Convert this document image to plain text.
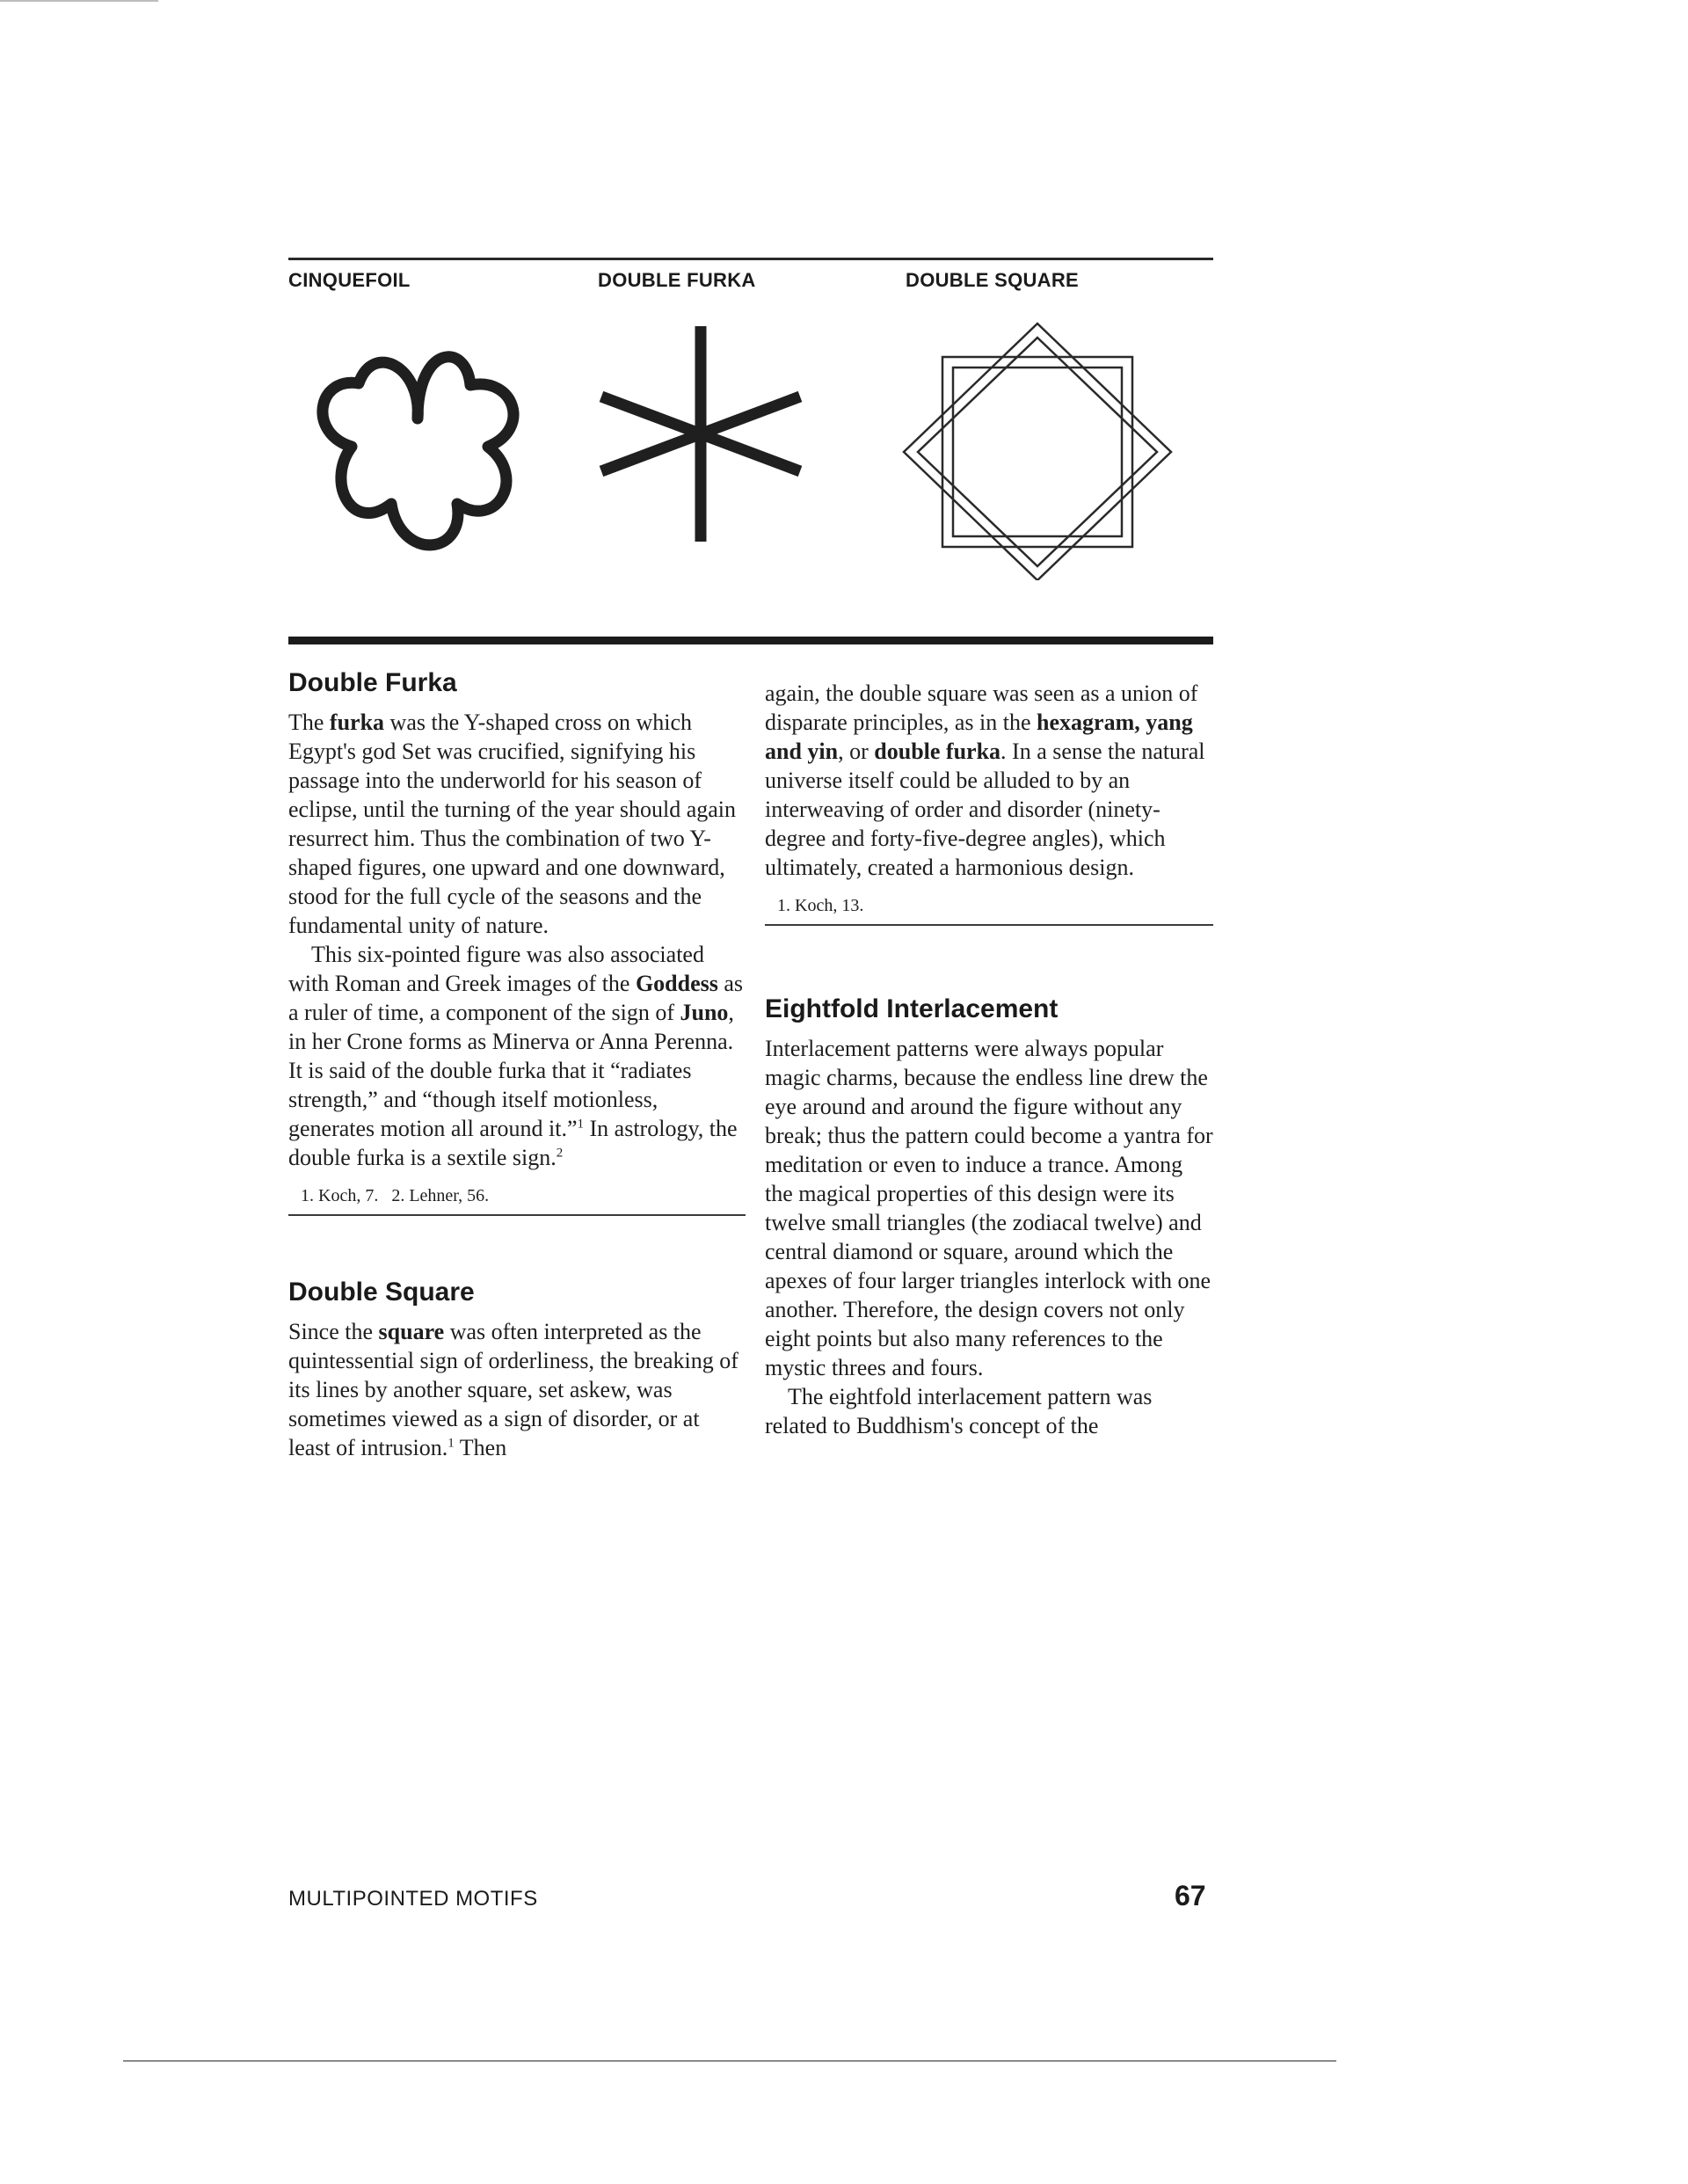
CINQUEFOIL	DOUBLE FURKA	DOUBLE SQUARE
Double Furka

The furka was the Y-shaped cross on which Egypt's god Set was crucified, signifying his passage into the underworld for his season of eclipse, until the turning of the year should again resurrect him. Thus the combination of two Y-shaped figures, one upward and one downward, stood for the full cycle of the seasons and the fundamental unity of nature.

This six-pointed figure was also associated with Roman and Greek images of the Goddess as a ruler of time, a component of the sign of Juno, in her Crone forms as Minerva or Anna Perenna. It is said of the double furka that it “radiates strength,” and “though itself motionless, generates motion all around it.”$^1$ In astrology, the double furka is a sextile sign.$^2$

1. Koch, 7.   2. Lehner, 56.
Double Square

Since the square was often interpreted as the quintessential sign of orderliness, the breaking of its lines by another square, set askew, was sometimes viewed as a sign of disorder, or at least of intrusion.$^1$ Then

again, the double square was seen as a union of disparate principles, as in the hexagram, yang and yin, or double furka. In a sense the natural universe itself could be alluded to by an interweaving of order and disorder (ninety-degree and forty-five-degree angles), which ultimately, created a harmonious design.

1. Koch, 13.
Eightfold Interlacement

Interlacement patterns were always popular magic charms, because the endless line drew the eye around and around the figure without any break; thus the pattern could become a yantra for meditation or even to induce a trance. Among the magical properties of this design were its twelve small triangles (the zodiacal twelve) and central diamond or square, around which the apexes of four larger triangles interlock with one another. Therefore, the design covers not only eight points but also many references to the mystic threes and fours.

The eightfold interlacement pattern was related to Buddhism's concept of the

MULTIPOINTED MOTIFS	67
